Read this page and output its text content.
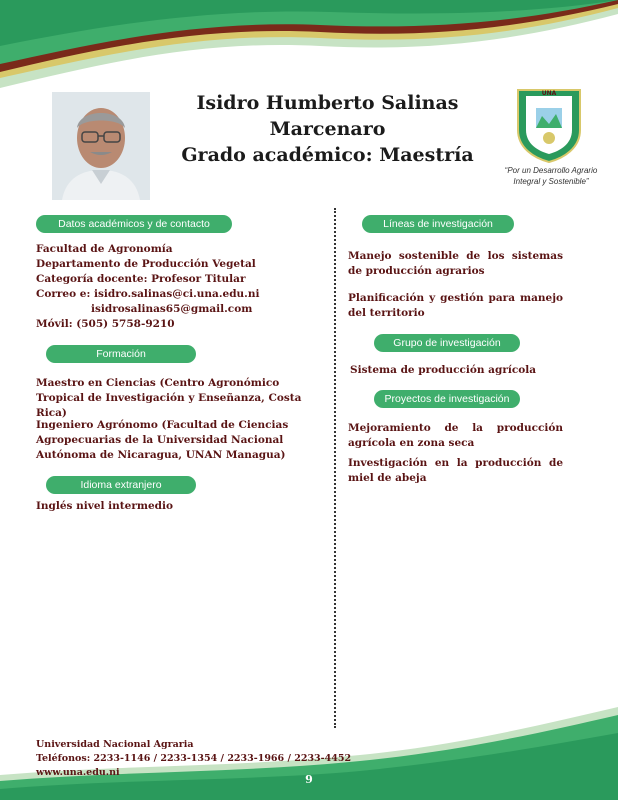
Isidro Humberto Salinas Marcenaro
Grado académico: Maestría
UNA
“Por un Desarrollo Agrario
Integral y Sostenible”
Datos académicos y de contacto
Facultad de Agronomía
Departamento de Producción Vegetal
Categoría docente: Profesor Titular
Correo e: isidro.salinas@ci.una.edu.ni
isidrosalinas65@gmail.com
Móvil: (505) 5758-9210
Formación
Maestro en Ciencias (Centro Agronómico Tropical de Investigación y Enseñanza, Costa Rica)
Ingeniero Agrónomo (Facultad de Ciencias Agropecuarias de la Universidad Nacional Autónoma de Nicaragua, UNAN Managua)
Idioma extranjero
Inglés nivel intermedio
Líneas de investigación
Manejo sostenible de los sistemas de producción agrarios
Planificación y gestión para manejo del territorio
Grupo de investigación
Sistema de producción agrícola
Proyectos de investigación
Mejoramiento de la producción agrícola en zona seca
Investigación en la producción de miel de abeja
Universidad Nacional Agraria
Teléfonos: 2233-1146 / 2233-1354 / 2233-1966 / 2233-4452
www.una.edu.ni
9
